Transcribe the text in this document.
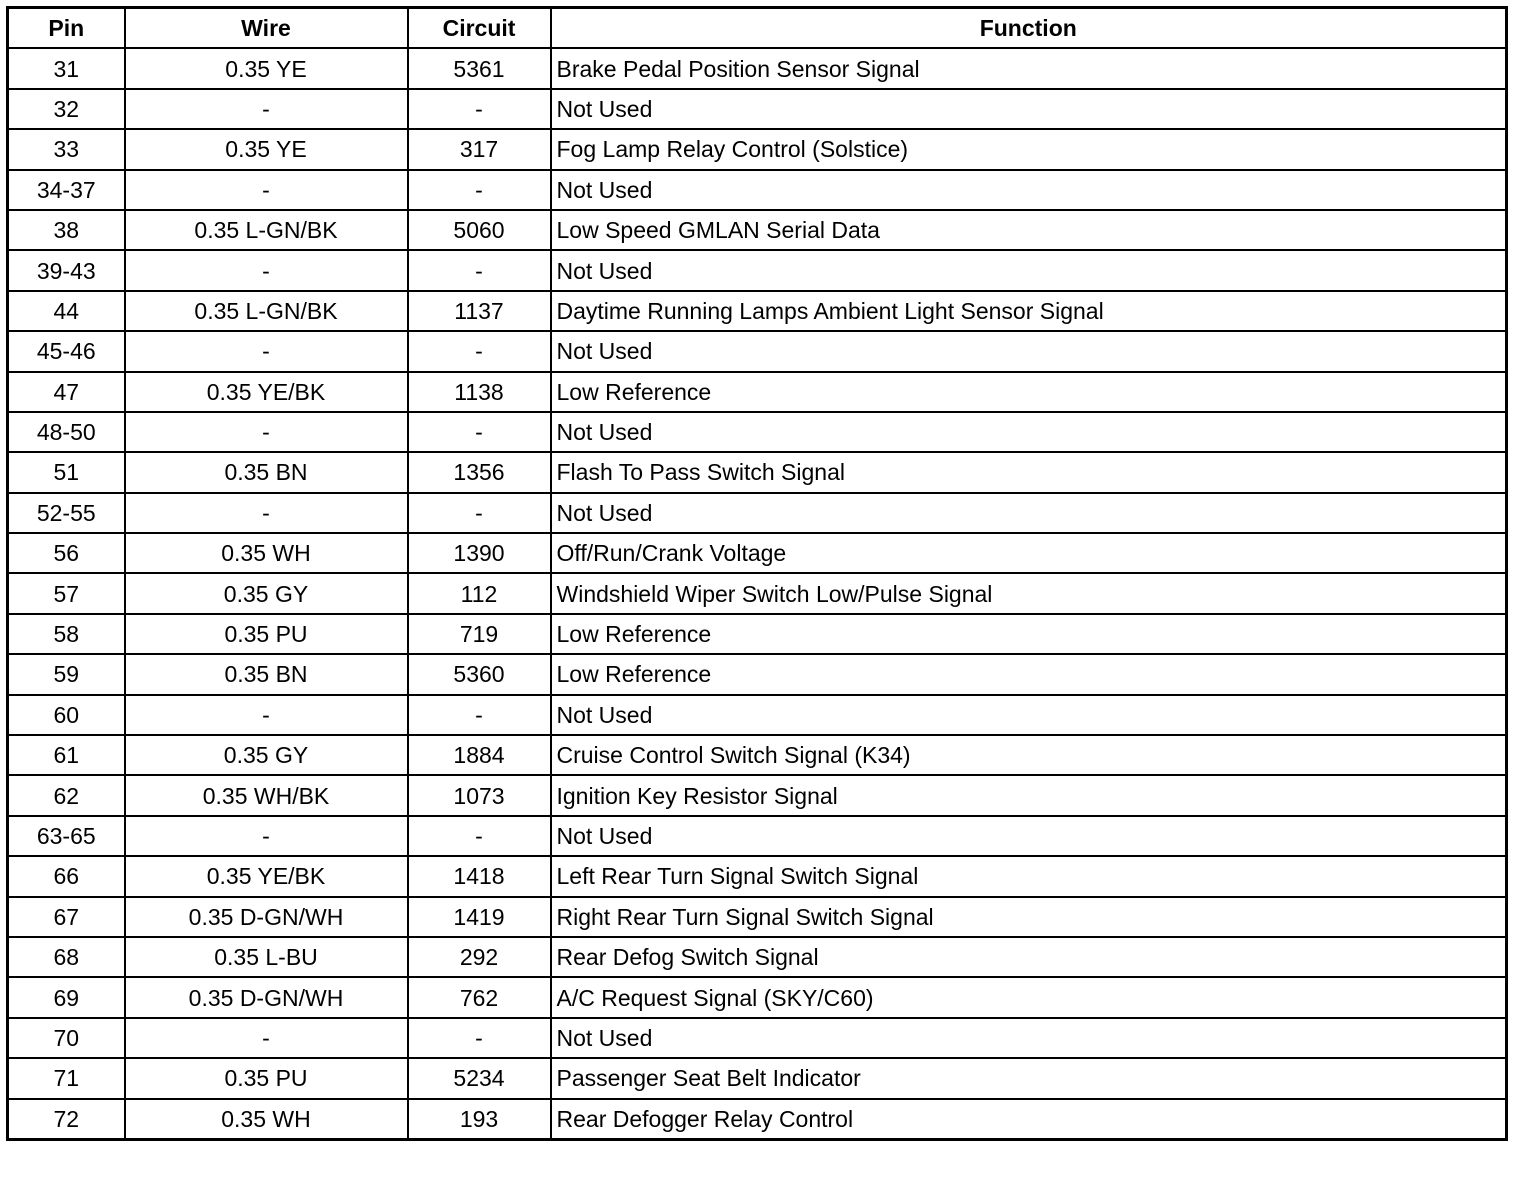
Pin	Wire	Circuit	Function
31	0.35 YE	5361	Brake Pedal Position Sensor Signal
32	-	-	Not Used
33	0.35 YE	317	Fog Lamp Relay Control (Solstice)
34-37	-	-	Not Used
38	0.35 L-GN/BK	5060	Low Speed GMLAN Serial Data
39-43	-	-	Not Used
44	0.35 L-GN/BK	1137	Daytime Running Lamps Ambient Light Sensor Signal
45-46	-	-	Not Used
47	0.35 YE/BK	1138	Low Reference
48-50	-	-	Not Used
51	0.35 BN	1356	Flash To Pass Switch Signal
52-55	-	-	Not Used
56	0.35 WH	1390	Off/Run/Crank Voltage
57	0.35 GY	112	Windshield Wiper Switch Low/Pulse Signal
58	0.35 PU	719	Low Reference
59	0.35 BN	5360	Low Reference
60	-	-	Not Used
61	0.35 GY	1884	Cruise Control Switch Signal (K34)
62	0.35 WH/BK	1073	Ignition Key Resistor Signal
63-65	-	-	Not Used
66	0.35 YE/BK	1418	Left Rear Turn Signal Switch Signal
67	0.35 D-GN/WH	1419	Right Rear Turn Signal Switch Signal
68	0.35 L-BU	292	Rear Defog Switch Signal
69	0.35 D-GN/WH	762	A/C Request Signal (SKY/C60)
70	-	-	Not Used
71	0.35 PU	5234	Passenger Seat Belt Indicator
72	0.35 WH	193	Rear Defogger Relay Control
